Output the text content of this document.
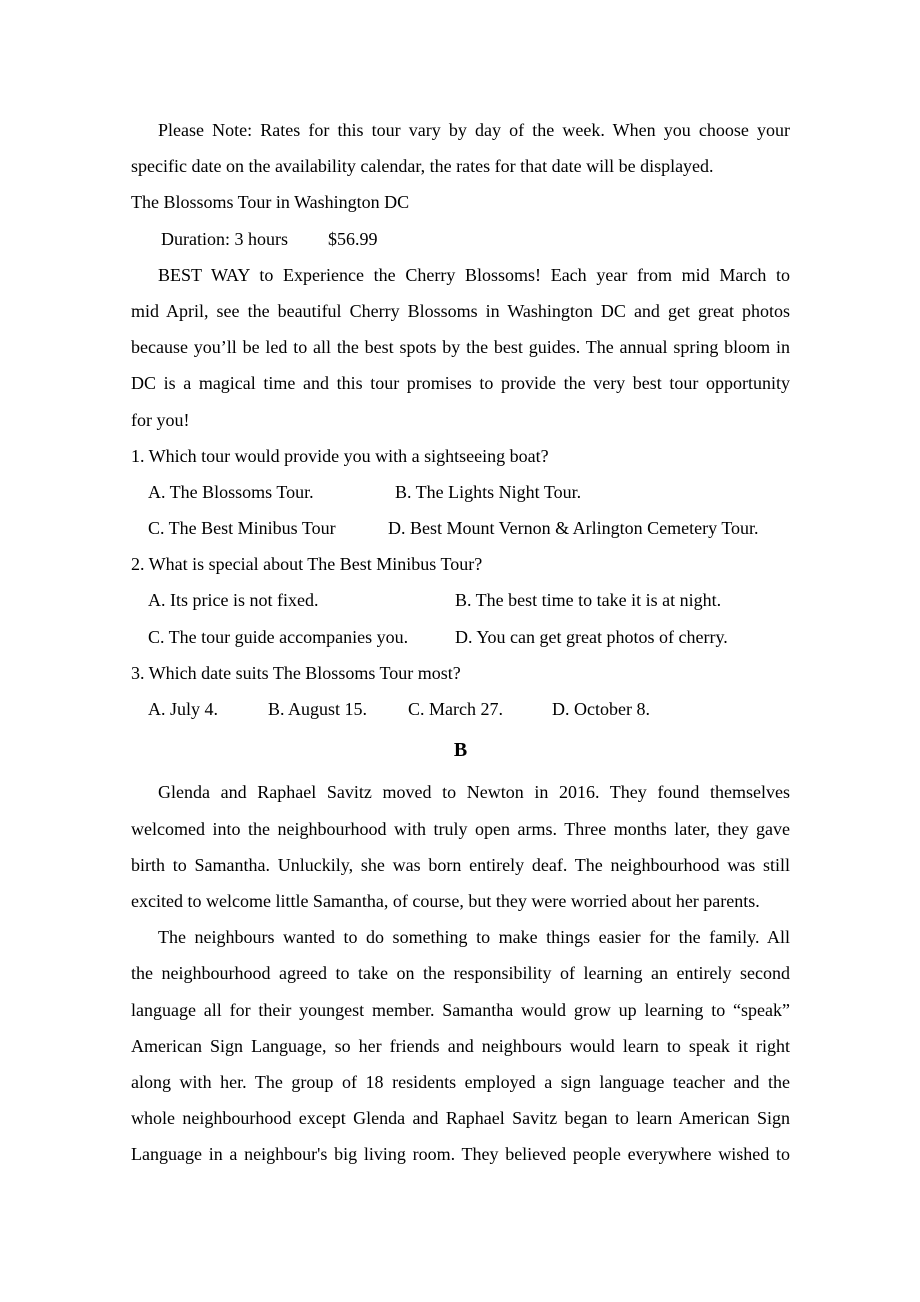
Please Note: Rates for this tour vary by day of the week. When you choose your
specific date on the availability calendar, the rates for that date will be displayed.
The Blossoms Tour in Washington DC
Duration: 3 hours $56.99
BEST WAY to Experience the Cherry Blossoms! Each year from mid March to
mid April, see the beautiful Cherry Blossoms in Washington DC and get great photos
because you’ll be led to all the best spots by the best guides. The annual spring bloom in
DC is a magical time and this tour promises to provide the very best tour opportunity
for you!
1. Which tour would provide you with a sightseeing boat?
A. The Blossoms Tour.	B. The Lights Night Tour.
C. The Best Minibus Tour	D. Best Mount Vernon & Arlington Cemetery Tour.
2. What is special about The Best Minibus Tour?
A. Its price is not fixed.	B. The best time to take it is at night.
C. The tour guide accompanies you.	D. You can get great photos of cherry.
3. Which date suits The Blossoms Tour most?
A. July 4.	B. August 15. C. March 27.	D. October 8.
B
Glenda and Raphael Savitz moved to Newton in 2016. They found themselves
welcomed into the neighbourhood with truly open arms. Three months later, they gave
birth to Samantha. Unluckily, she was born entirely deaf. The neighbourhood was still
excited to welcome little Samantha, of course, but they were worried about her parents.
The neighbours wanted to do something to make things easier for the family. All
the neighbourhood agreed to take on the responsibility of learning an entirely second
language all for their youngest member. Samantha would grow up learning to “speak”
American Sign Language, so her friends and neighbours would learn to speak it right
along with her. The group of 18 residents employed a sign language teacher and the
whole neighbourhood except Glenda and Raphael Savitz began to learn American Sign
Language in a neighbour's big living room. They believed people everywhere wished to
